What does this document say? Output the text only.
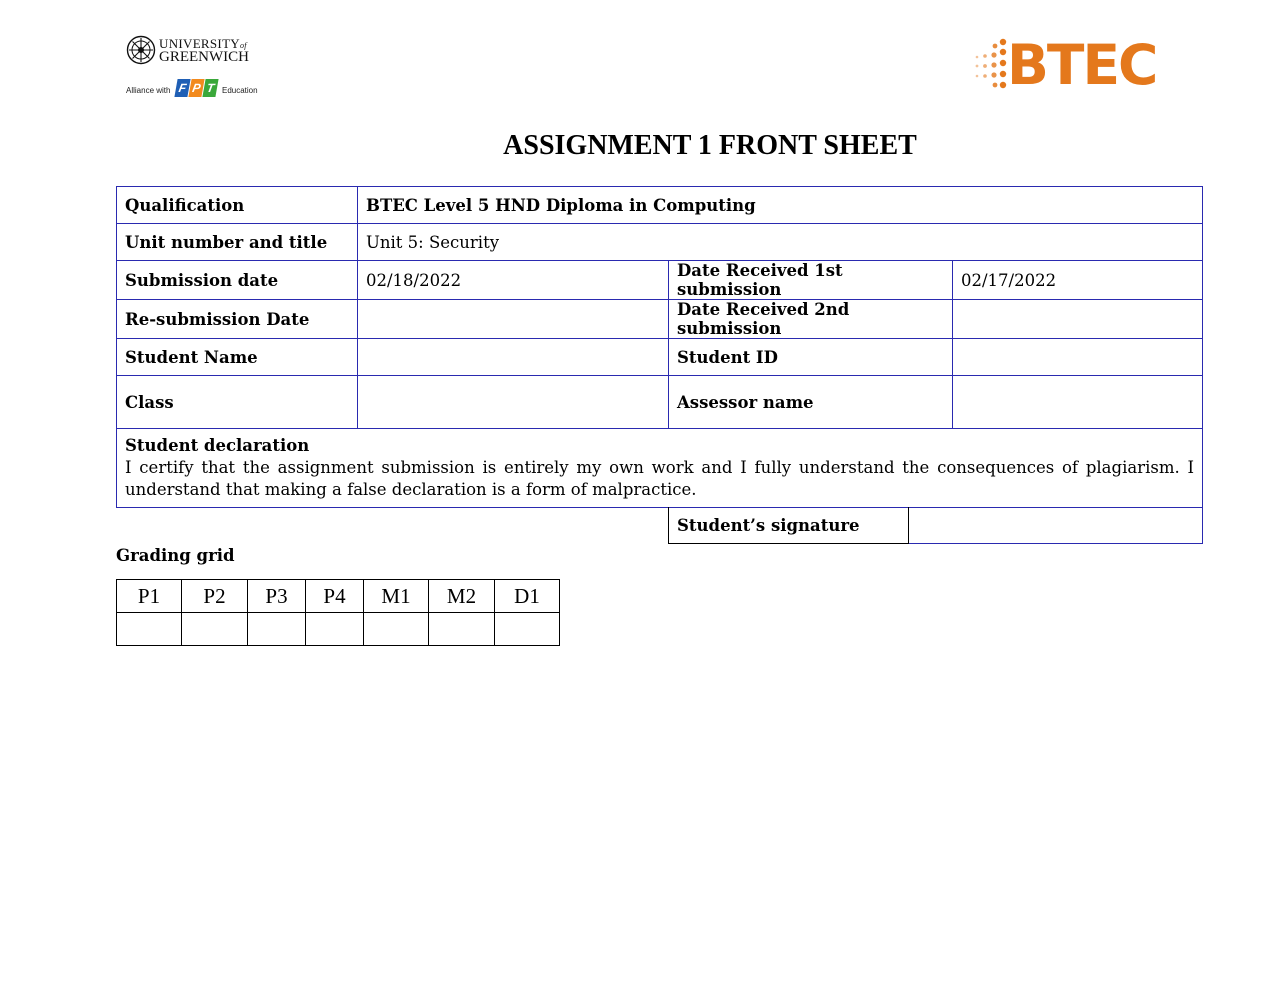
UNIVERSITYof
GREENWICH
Alliance with F P T Education	BTEC
ASSIGNMENT 1 FRONT SHEET
Qualification	BTEC Level 5 HND Diploma in Computing		
Unit number and title	Unit 5: Security		
Submission date	02/18/2022	Date Received 1st submission	02/17/2022
Re-submission Date		Date Received 2nd submission	
Student Name		Student ID	
Class		Assessor name	

Student declaration
I certify that the assignment submission is entirely my own work and I fully understand the consequences of plagiarism. I understand that making a false declaration is a form of malpractice.			
Student’s signature	
Grading grid
P1	P2	P3	P4	M1	M2	D1
